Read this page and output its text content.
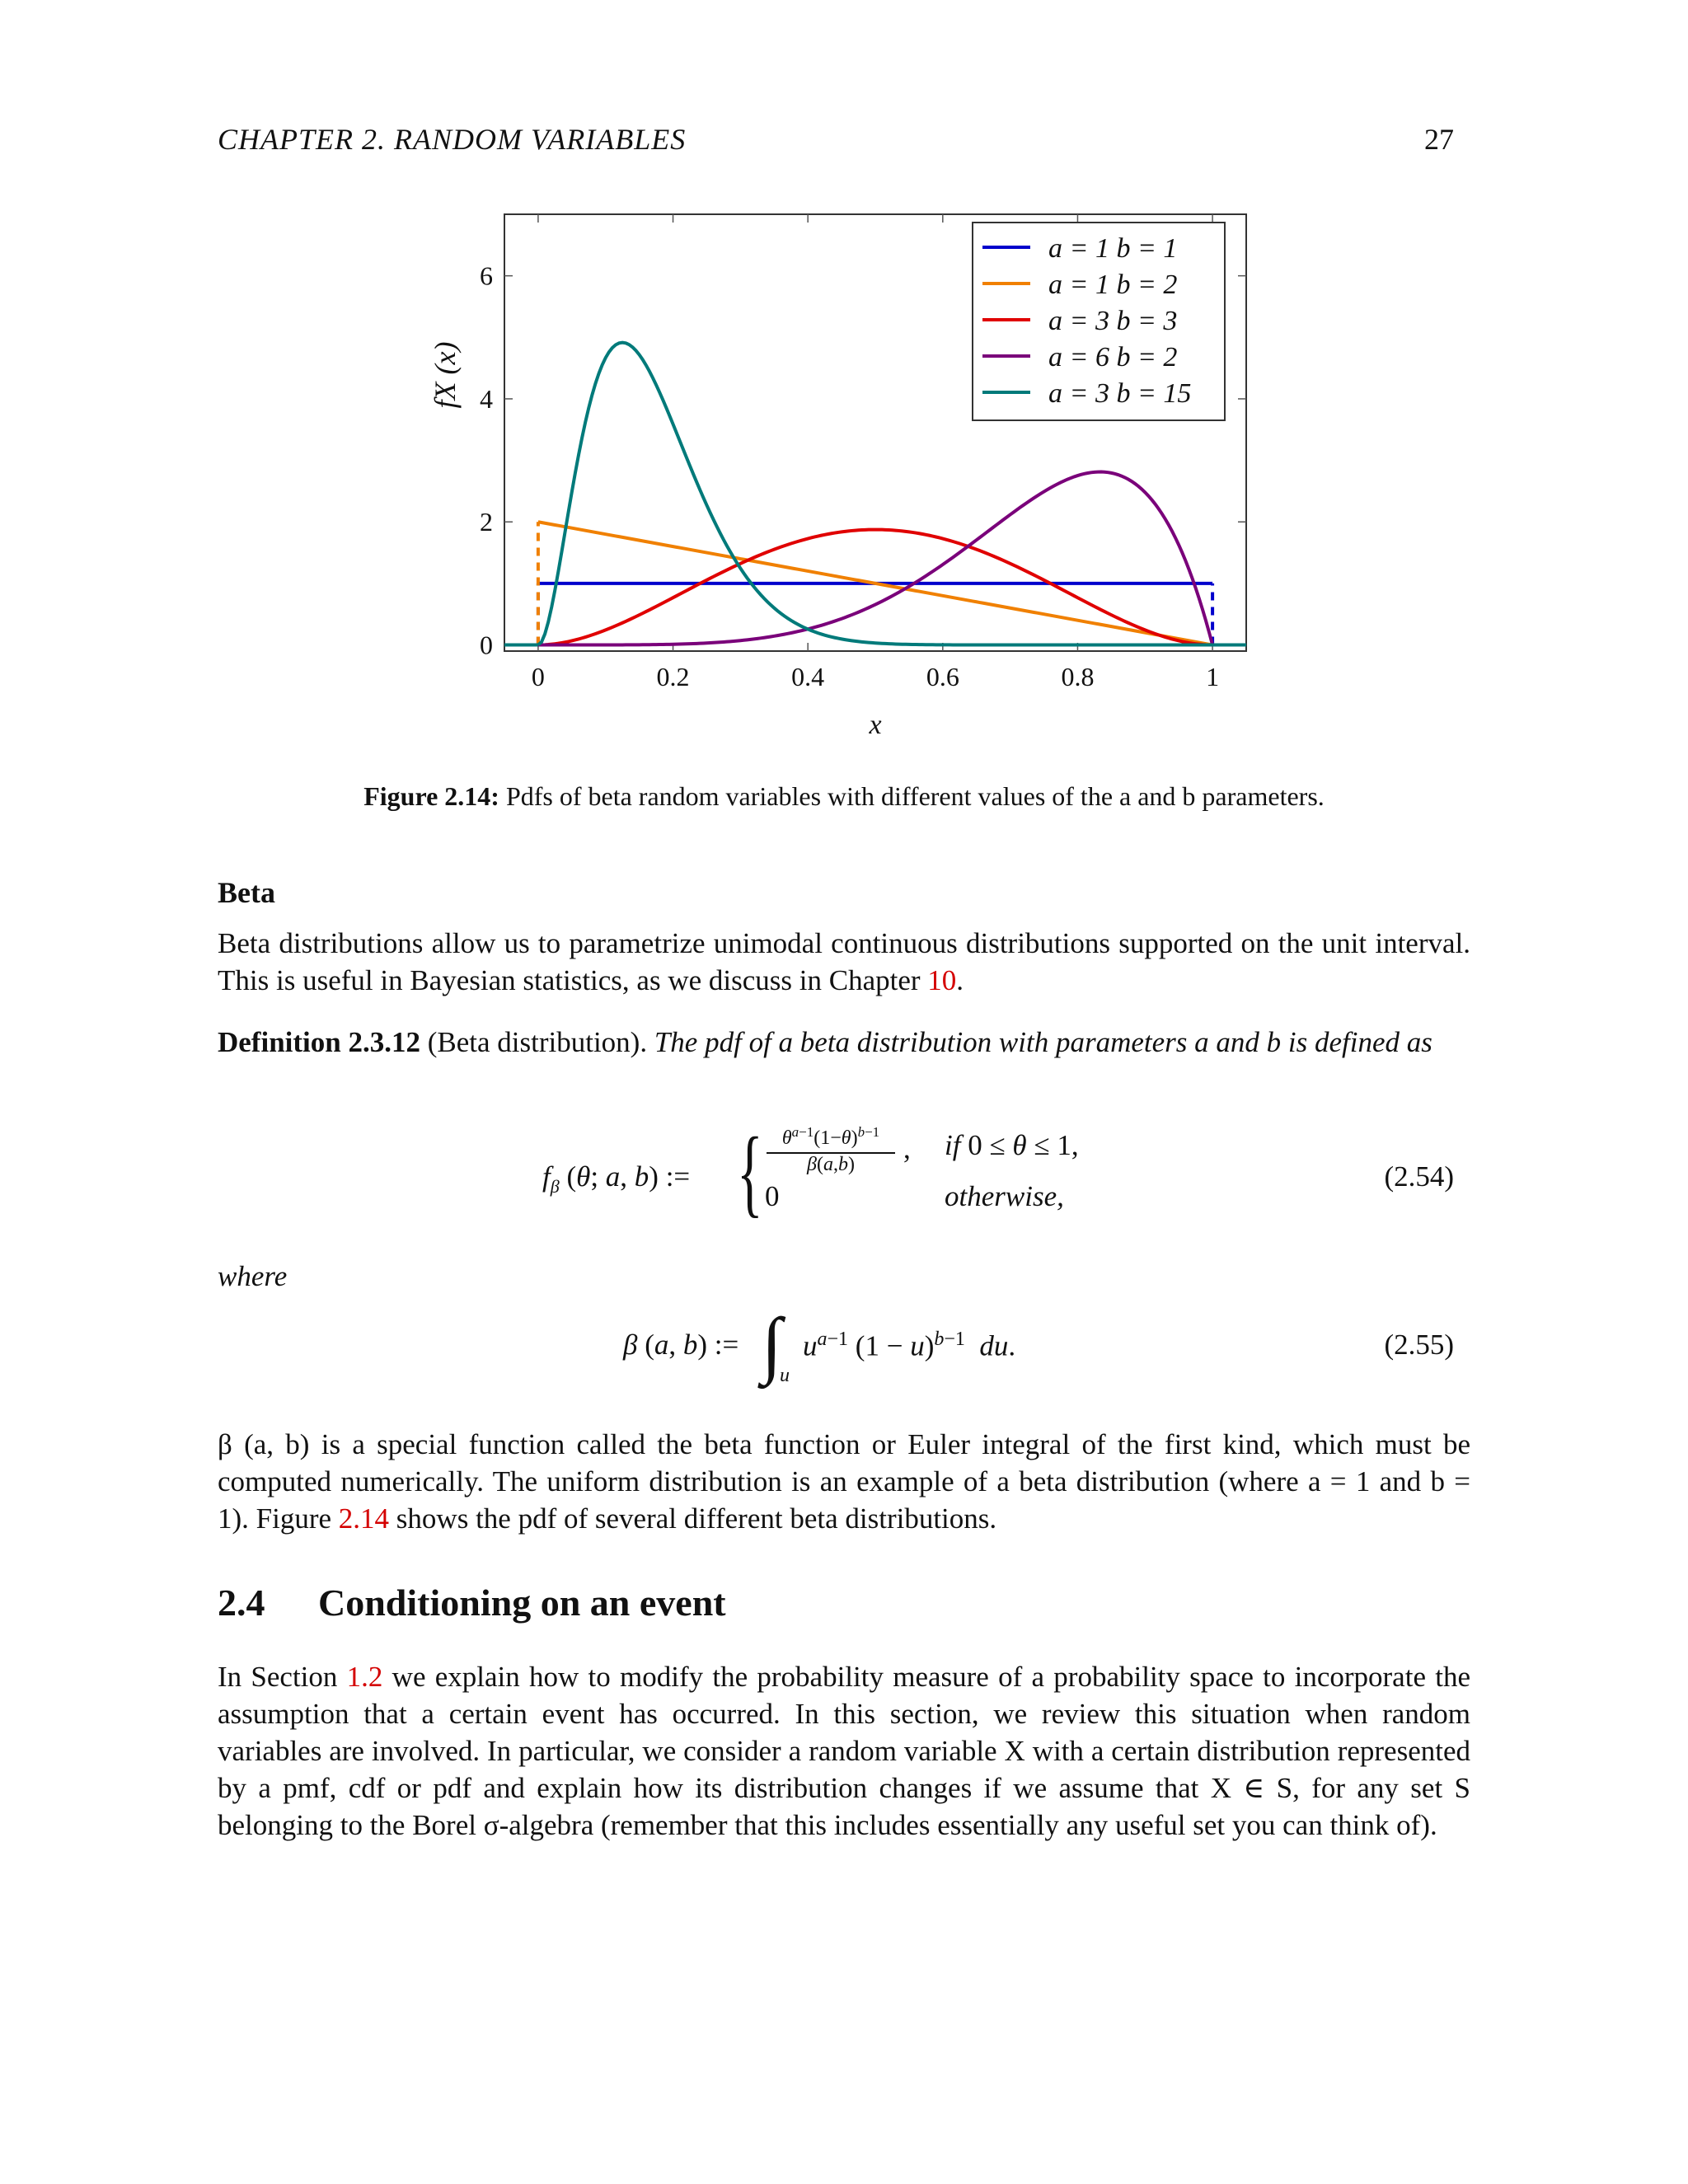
CHAPTER 2. RANDOM VARIABLES	27
0	0.2	0.4	0.6	0.8	1
0
2
4
6
x
fX (x)
a = 1 b = 1
a = 1 b = 2
a = 3 b = 3
a = 6 b = 2
a = 3 b = 15
Figure 2.14: Pdfs of beta random variables with different values of the a and b parameters.
Beta
Beta distributions allow us to parametrize unimodal continuous distributions supported on the unit interval. This is useful in Bayesian statistics, as we discuss in Chapter 10.
Definition 2.3.12 (Beta distribution). The pdf of a beta distribution with parameters a and b is defined as
$f_\beta$ (θ; a, b) := { $\theta^{a-1}(1-\theta)^{b-1}$
β(a,b)	, if 0 ≤ θ ≤ 1,
0	otherwise,
(2.54)
where
β (a, b) := ∫
u
$u^{a-1}$ $(1 - u)^{b-1}$ du.	(2.55)
β (a, b) is a special function called the beta function or Euler integral of the first kind, which must be computed numerically. The uniform distribution is an example of a beta distribution (where a = 1 and b = 1). Figure 2.14 shows the pdf of several different beta distributions.
2.4 Conditioning on an event
In Section 1.2 we explain how to modify the probability measure of a probability space to incorporate the assumption that a certain event has occurred. In this section, we review this situation when random variables are involved. In particular, we consider a random variable X with a certain distribution represented by a pmf, cdf or pdf and explain how its distribution changes if we assume that X ∈ S, for any set S belonging to the Borel σ-algebra (remember that this includes essentially any useful set you can think of).
